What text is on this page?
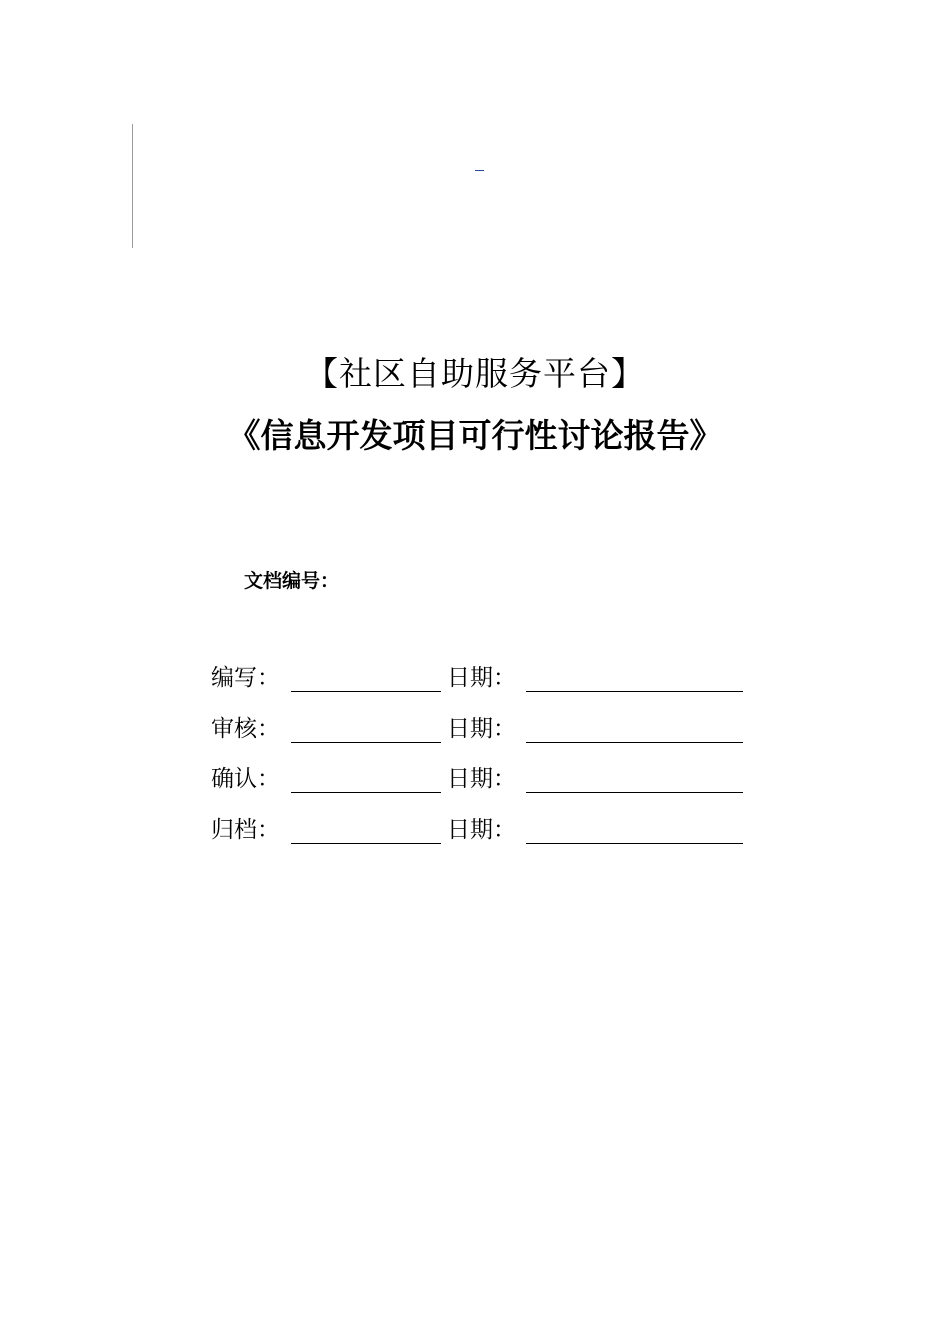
【社区自助服务平台】
《信息开发项目可行性讨论报告》
文档编号：
编写：	日期：
审核：	日期：
确认：	日期：
归档：	日期：
